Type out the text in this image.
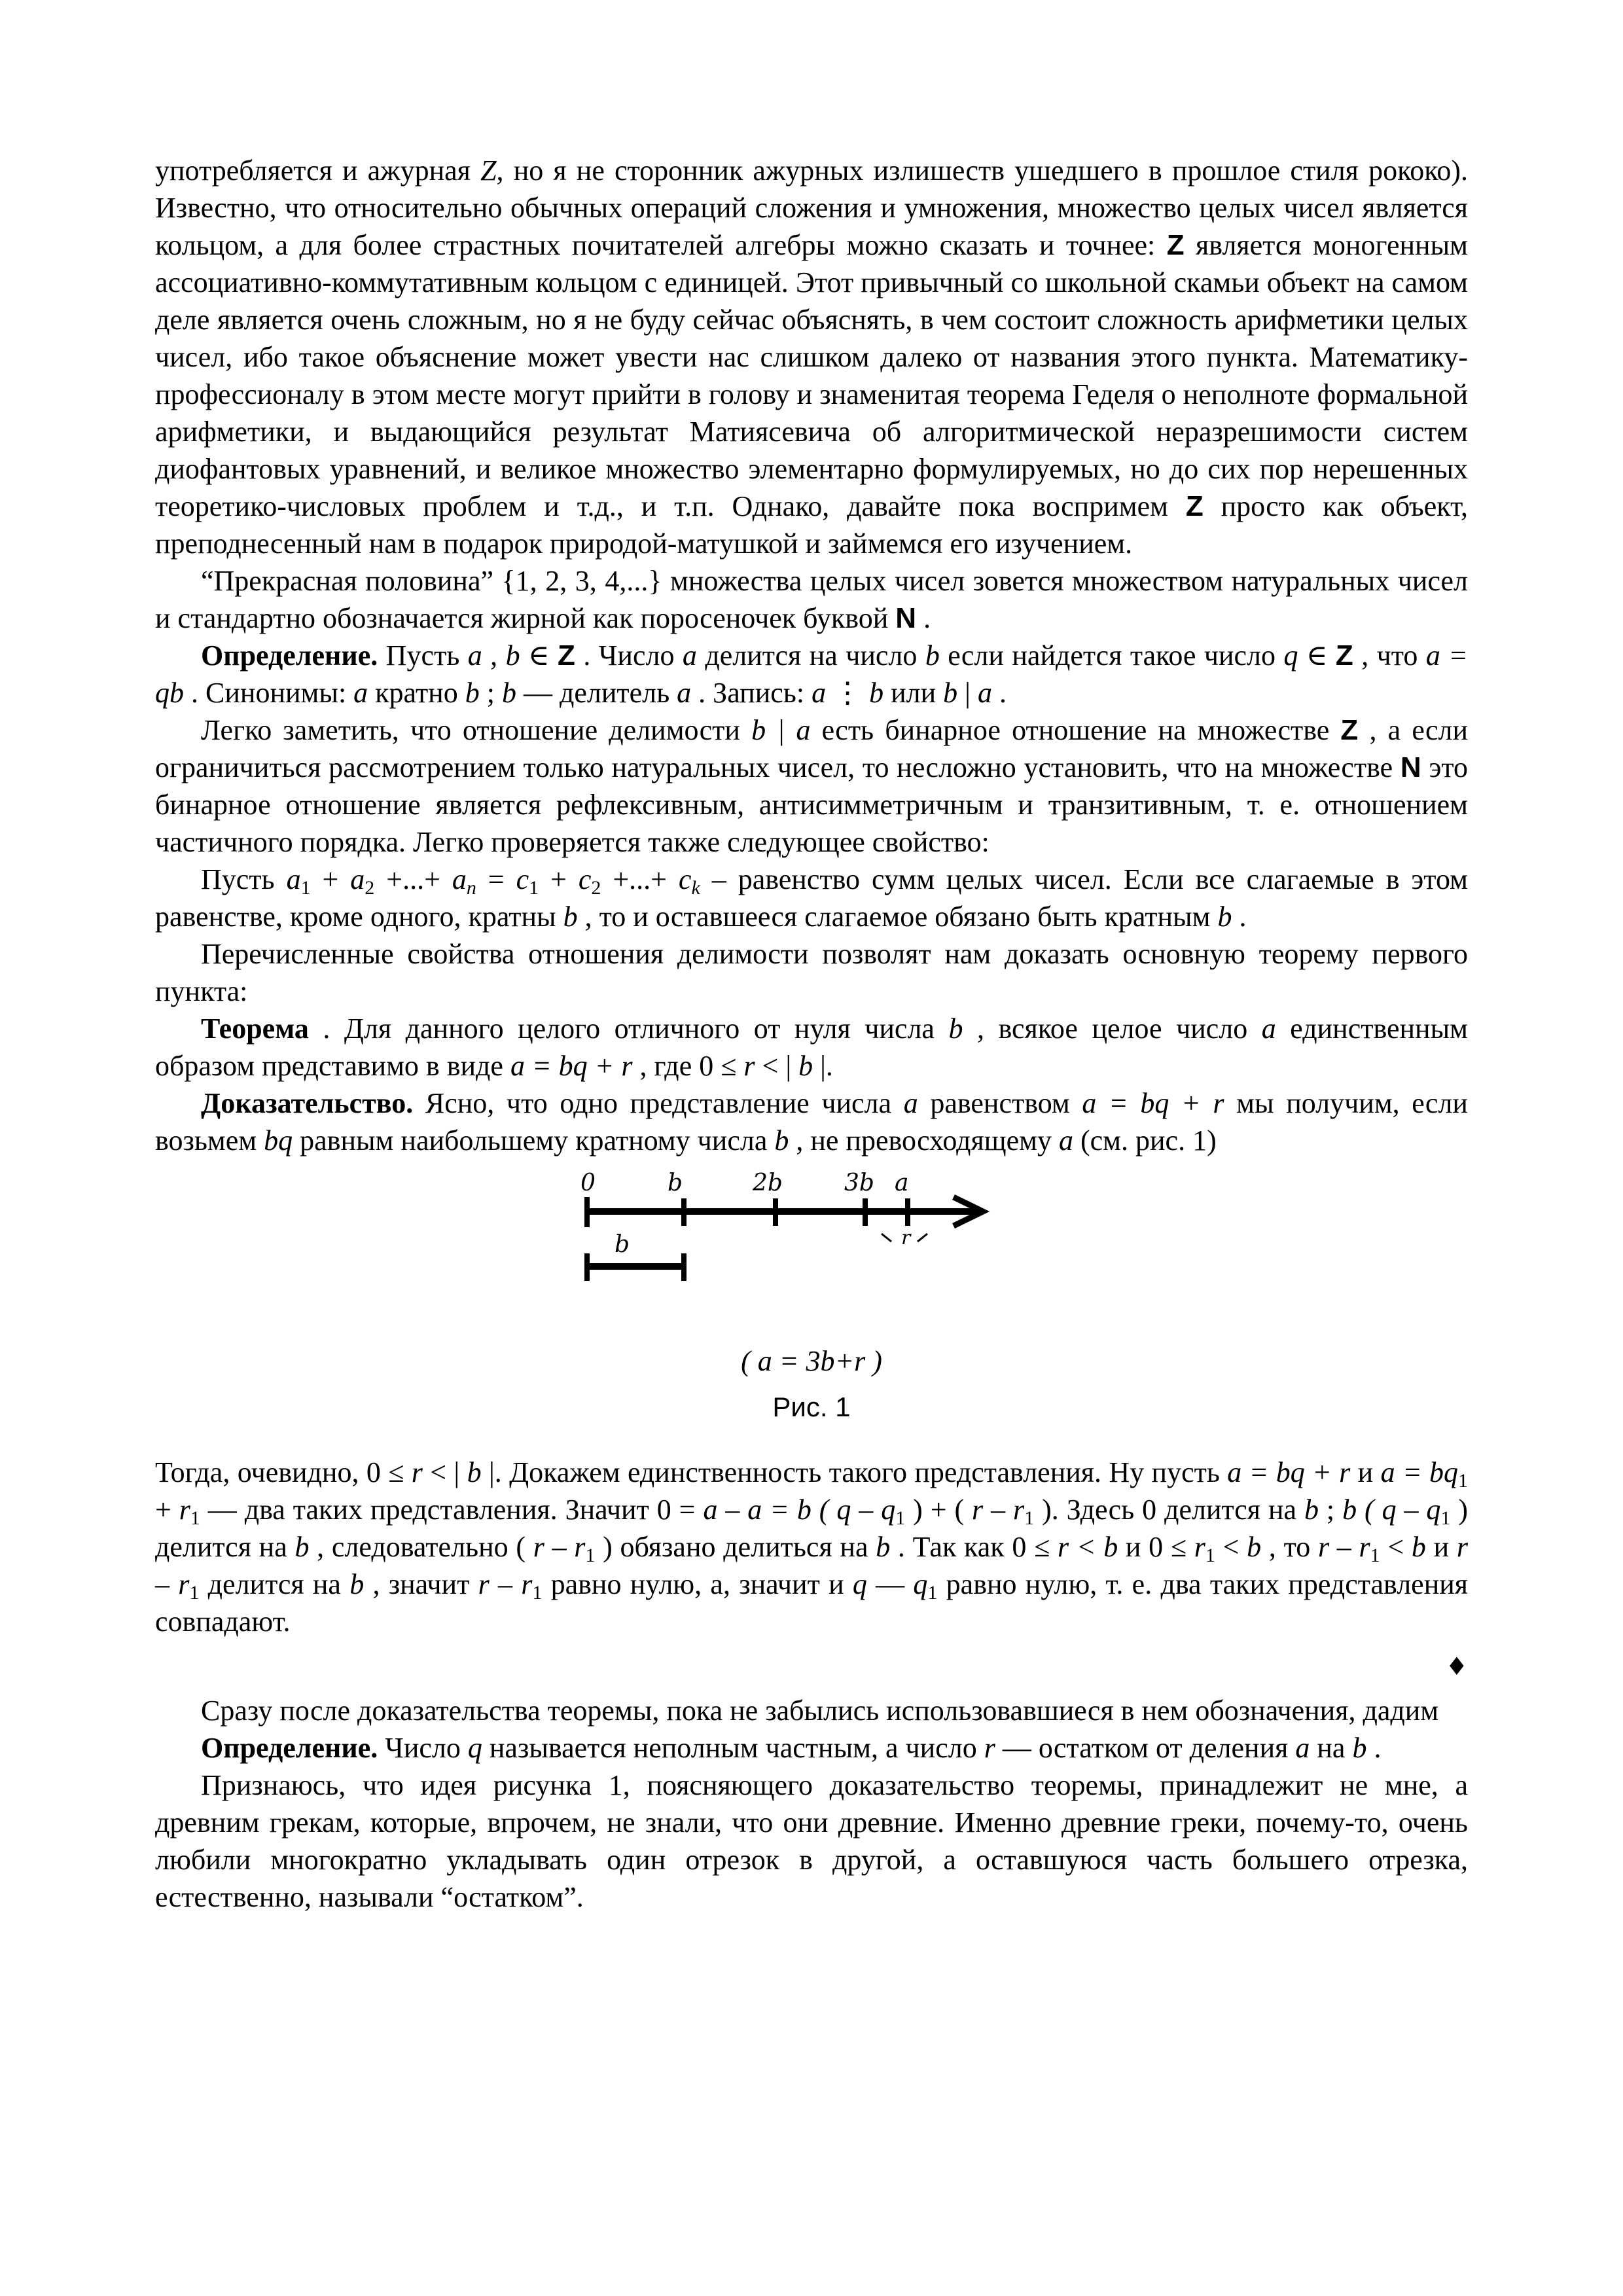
употребляется и ажурная Z, но я не сторонник ажурных излишеств ушедшего в прошлое стиля рококо). Известно, что относительно обычных операций сложения и умножения, множество целых чисел является кольцом, а для более страстных почитателей алгебры можно сказать и точнее: Z является моногенным ассоциативно-коммутативным кольцом с единицей. Этот привычный со школьной скамьи объект на самом деле является очень сложным, но я не буду сейчас объяснять, в чем состоит сложность арифметики целых чисел, ибо такое объяснение может увести нас слишком далеко от названия этого пункта. Математику-профессионалу в этом месте могут прийти в голову и знаменитая теорема Геделя о неполноте формальной арифметики, и выдающийся результат Матиясевича об алгоритмической неразрешимости систем диофантовых уравнений, и великое множество элементарно формулируемых, но до сих пор нерешенных теоретико-числовых проблем и т.д., и т.п. Однако, давайте пока воспримем Z просто как объект, преподнесенный нам в подарок природой-матушкой и займемся его изучением.

“Прекрасная половина” {1, 2, 3, 4,...} множества целых чисел зовется множеством натуральных чисел и стандартно обозначается жирной как поросеночек буквой N .

Определение. Пусть a , b ∈ Z . Число a делится на число b если найдется такое число q ∈ Z , что a = qb . Синонимы: a кратно b ; b — делитель a . Запись: a ⋮ b или b | a .

Легко заметить, что отношение делимости b | a есть бинарное отношение на множестве Z , а если ограничиться рассмотрением только натуральных чисел, то несложно установить, что на множестве N это бинарное отношение является рефлексивным, антисимметричным и транзитивным, т. е. отношением частичного порядка. Легко проверяется также следующее свойство:

Пусть $a_1 + a_2$ +...+ $a_n = c_1 + c_2$ +...+ $c_k$ – равенство сумм целых чисел. Если все слагаемые в этом равенстве, кроме одного, кратны b , то и оставшееся слагаемое обязано быть кратным b .

Перечисленные свойства отношения делимости позволят нам доказать основную теорему первого пункта:

Теорема . Для данного целого отличного от нуля числа b , всякое целое число a единственным образом представимо в виде a = bq + r , где 0 ≤ r < | b |.

Доказательство. Ясно, что одно представление числа a равенством a = bq + r мы получим, если возьмем bq равным наибольшему кратному числа b , не превосходящему a (см. рис. 1)

0	b	2b	3b a
b	r
( a = 3b+r )
Рис. 1

Тогда, очевидно, 0 ≤ r < | b |. Докажем единственность такого представления. Ну пусть a = bq + r и $a = bq_1 + r_1$ — два таких представления. Значит 0 = a – a = b ( q – $q_1$ ) + ( r – $r_1$ ). Здесь 0 делится на b ; b ( q – $q_1$ ) делится на b , следовательно ( r – $r_1$ ) обязано делиться на b . Так как 0 ≤ r < b и $0 \le r_1 < b$ , то $r - r_1 < b$ и r – $r_1$ делится на b , значит r – $r_1$ равно нулю, а, значит и q — $q_1$ равно нулю, т. е. два таких представления совпадают.

♦

Сразу после доказательства теоремы, пока не забылись использовавшиеся в нем обозначения, дадим

Определение. Число q называется неполным частным, а число r — остатком от деления a на b .

Признаюсь, что идея рисунка 1, поясняющего доказательство теоремы, принадлежит не мне, а древним грекам, которые, впрочем, не знали, что они древние. Именно древние греки, почему-то, очень любили многократно укладывать один отрезок в другой, а оставшуюся часть большего отрезка, естественно, называли “остатком”.
